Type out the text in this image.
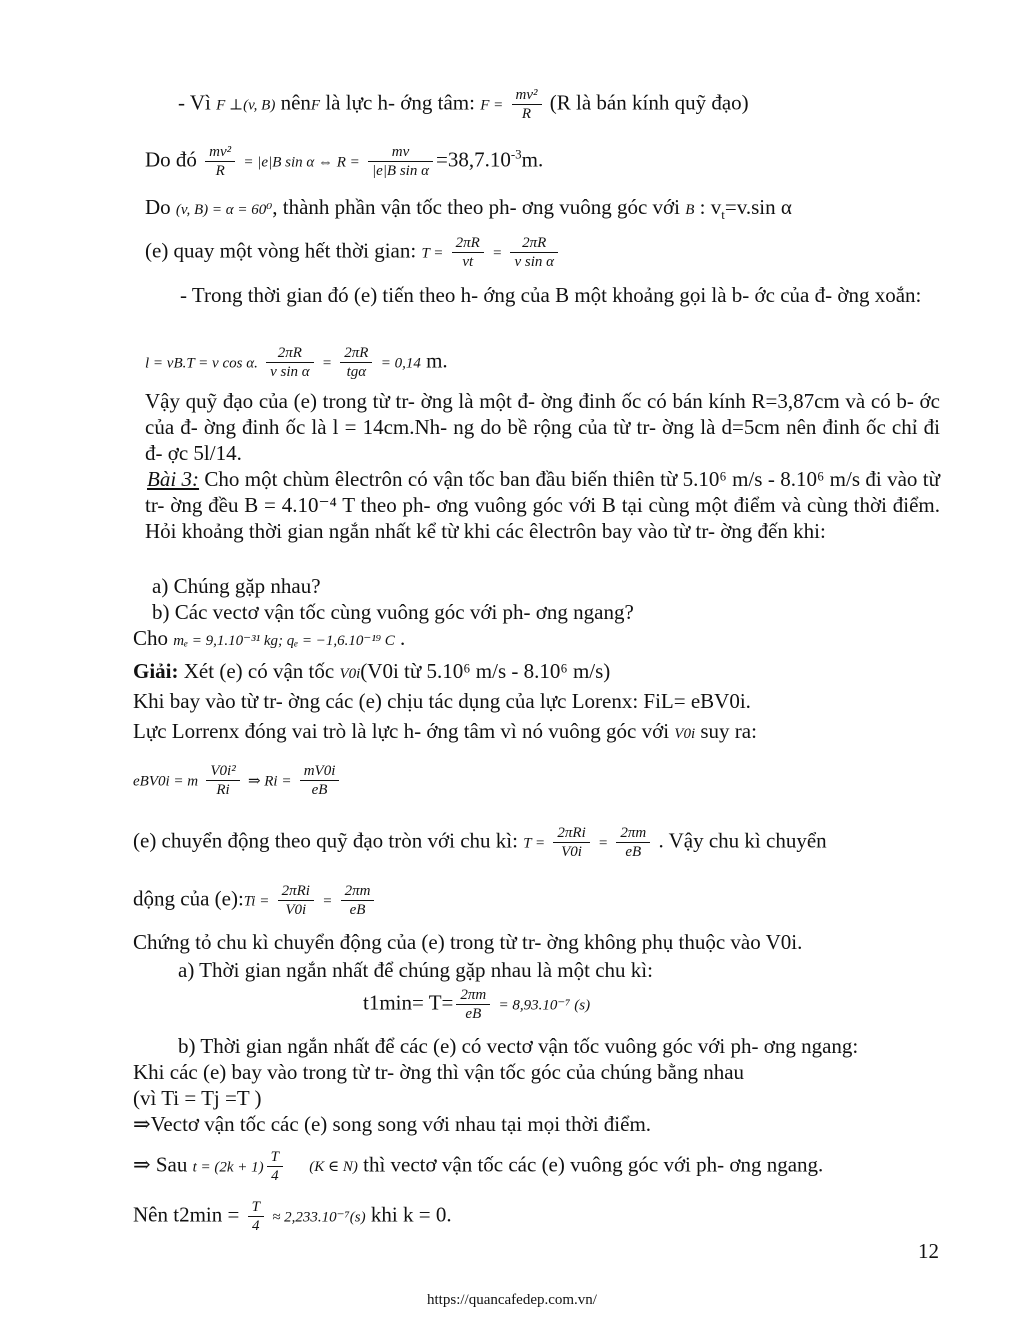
- Vì F ⊥(v, B) nênF là lực h- ớng tâm: $F = \frac{\text{mv²}}{R} (R$ là bán kính quỹ đạo)
Do đó $\frac{\text{mv²}}{R} = |e|B$ sin α ⇔ $R = \frac{mv}{\text{|e|B sin α}} =38,7.10^{-3}m$.
Do (v, B) = α = 60⁰, thành phần vận tốc theo ph- ơng vuông góc với B : $v_t=v.\sin$ α
(e) quay một vòng hết thời gian: $T = \frac{2\pi R}{vt} = \frac{2\pi R}{\text{v sin α}}$
- Trong thời gian đó (e) tiến theo h- ớng của B một khoảng gọi là b- ớc của đ- ờng xoắn:
l = vB.T = v cos α. $\frac{2\pi R}{\text{v sin α}}$ =
2πR
tgα
= 0,14 m.
Vậy quỹ đạo của (e) trong từ tr- ờng là một đ- ờng đinh ốc có bán kính R=3,87cm và có b- ớc của đ- ờng đinh ốc là l = 14cm.Nh- ng do bề rộng của từ tr- ờng là d=5cm nên đinh ốc chỉ đi đ- ợc 5l/14.
Bài 3: Cho một chùm êlectrôn có vận tốc ban đầu biến thiên từ 5.10⁶ m/s - 8.10⁶ m/s đi vào từ tr- ờng đều B = 4.10⁻⁴ T theo ph- ơng vuông góc với B tại cùng một điểm và cùng thời điểm. Hỏi khoảng thời gian ngắn nhất kể từ khi các êlectrôn bay vào từ tr- ờng đến khi:
a) Chúng gặp nhau?
b) Các vectơ vận tốc cùng vuông góc với ph- ơng ngang?
Cho mₑ = 9,1.10⁻³¹ kg; qₑ = −1,6.10⁻¹⁹ C .
Giải: Xét (e) có vận tốc V0i(V0i từ 5.10⁶ m/s - 8.10⁶ m/s)
Khi bay vào từ tr- ờng các (e) chịu tác dụng của lực Lorenx: FiL= eBV0i.
Lực Lorrenx đóng vai trò là lực h- ớng tâm vì nó vuông góc với V0i suy ra:
eBV0i = m $\frac{\text{V0i²}}{Ri}$ ⇒ $Ri = \frac{mV0i}{eB}$
(e) chuyển động theo quỹ đạo tròn với chu kì: T =
2πRi
V0i
= $\frac{2\pi m}{eB}$ . Vậy chu kì chuyển
dộng của (e):Ti =
2πRi
V0i
= $\frac{2\pi m}{eB}$
Chứng tỏ chu kì chuyển động của (e) trong từ tr- ờng không phụ thuộc vào V0i.
a) Thời gian ngắn nhất để chúng gặp nhau là một chu kì:
$t1\min= T= \frac{2\pi m}{eB} = 8,93.10^{-7}$ (s)
b) Thời gian ngắn nhất để các (e) có vectơ vận tốc vuông góc với ph- ơng ngang:
Khi các (e) bay vào trong từ tr- ờng thì vận tốc góc của chúng bằng nhau
(vì Ti = Tj =T )
⇒Vectơ vận tốc các (e) song song với nhau tại mọi thời điểm.
⇒ Sau $t = (2k + 1) \frac{T}{4} (K$ ∈ N) thì vectơ vận tốc các (e) vuông góc với ph- ơng ngang.
Nên $t2\min = \frac{T}{4} \approx 2,233.10^{-7}(s)$ khi k = 0.
12
https://quancafedep.com.vn/
